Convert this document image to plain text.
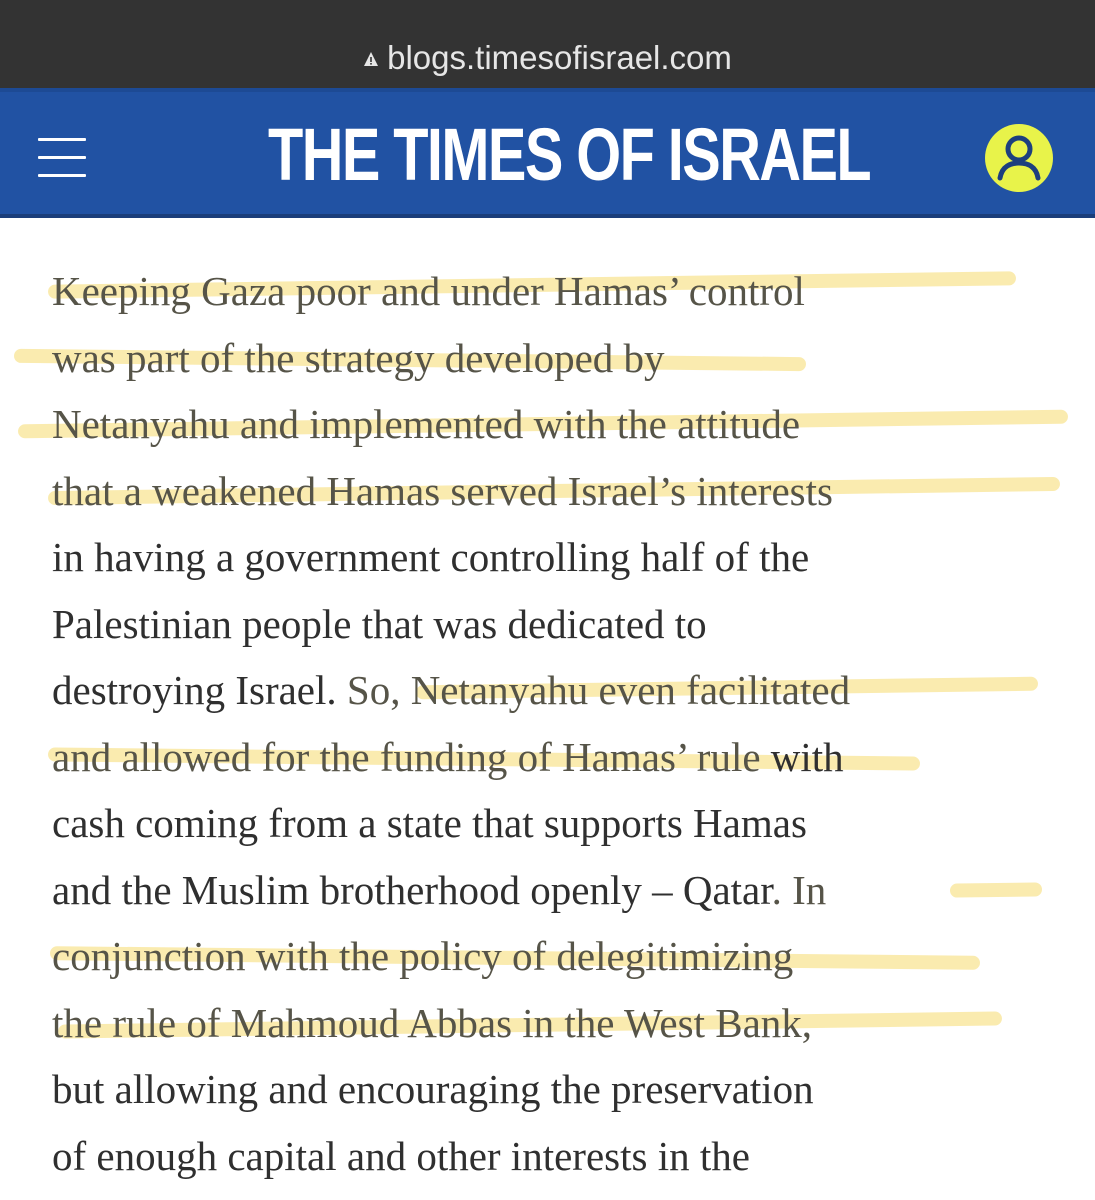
blogs.timesofisrael.com
THE TIMES OF ISRAEL
Keeping Gaza poor and under Hamas’ control
was part of the strategy developed by
Netanyahu and implemented with the attitude
that a weakened Hamas served Israel’s interests
in having a government controlling half of the
Palestinian people that was dedicated to
destroying Israel. So, Netanyahu even facilitated
and allowed for the funding of Hamas’ rule with
cash coming from a state that supports Hamas
and the Muslim brotherhood openly – Qatar. In
conjunction with the policy of delegitimizing
the rule of Mahmoud Abbas in the West Bank,
but allowing and encouraging the preservation
of enough capital and other interests in the
